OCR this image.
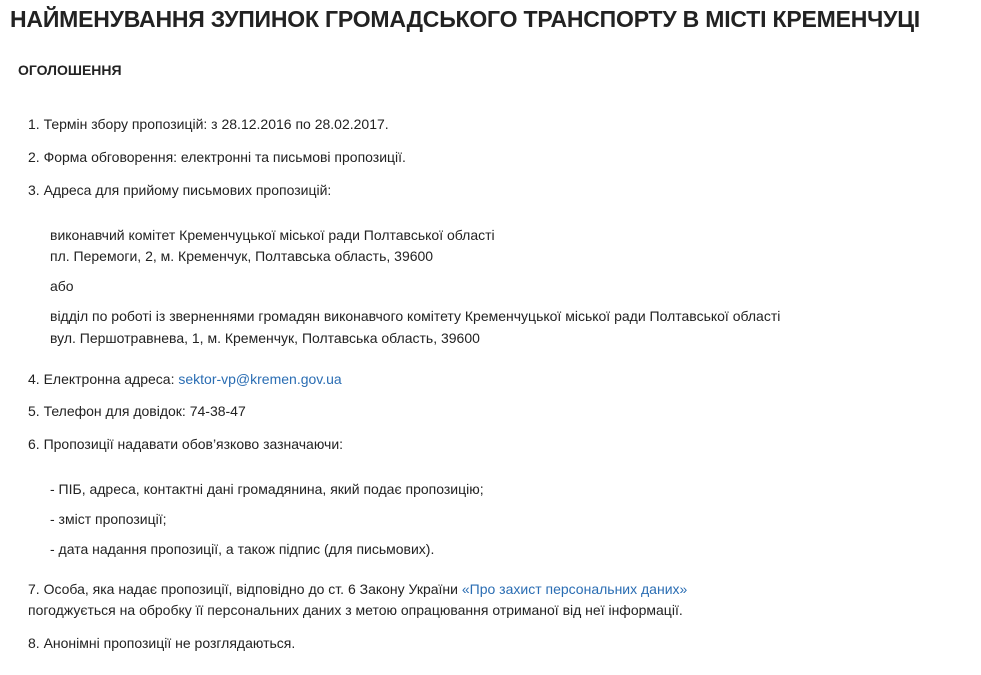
НАЙМЕНУВАННЯ ЗУПИНОК ГРОМАДСЬКОГО ТРАНСПОРТУ В МІСТІ КРЕМЕНЧУЦІ
ОГОЛОШЕННЯ
1. Термін збору пропозицій: з 28.12.2016 по 28.02.2017.
2. Форма обговорення: електронні та письмові пропозиції.
3. Адреса для прийому письмових пропозицій:
виконавчий комітет Кременчуцької міської ради Полтавської області
пл. Перемоги, 2, м. Кременчук, Полтавська область, 39600
або
відділ по роботі із зверненнями громадян виконавчого комітету Кременчуцької міської ради Полтавської області
вул. Першотравнева, 1, м. Кременчук, Полтавська область, 39600
4. Електронна адреса: sektor-vp@kremen.gov.ua
5. Телефон для довідок: 74-38-47
6. Пропозиції надавати обов’язково зазначаючи:
- ПІБ, адреса, контактні дані громадянина, який подає пропозицію;
- зміст пропозиції;
- дата надання пропозиції, а також підпис (для письмових).
7. Особа, яка надає пропозиції, відповідно до ст. 6 Закону України «Про захист персональних даних»
погоджується на обробку її персональних даних з метою опрацювання отриманої від неї інформації.
8. Анонімні пропозиції не розглядаються.
